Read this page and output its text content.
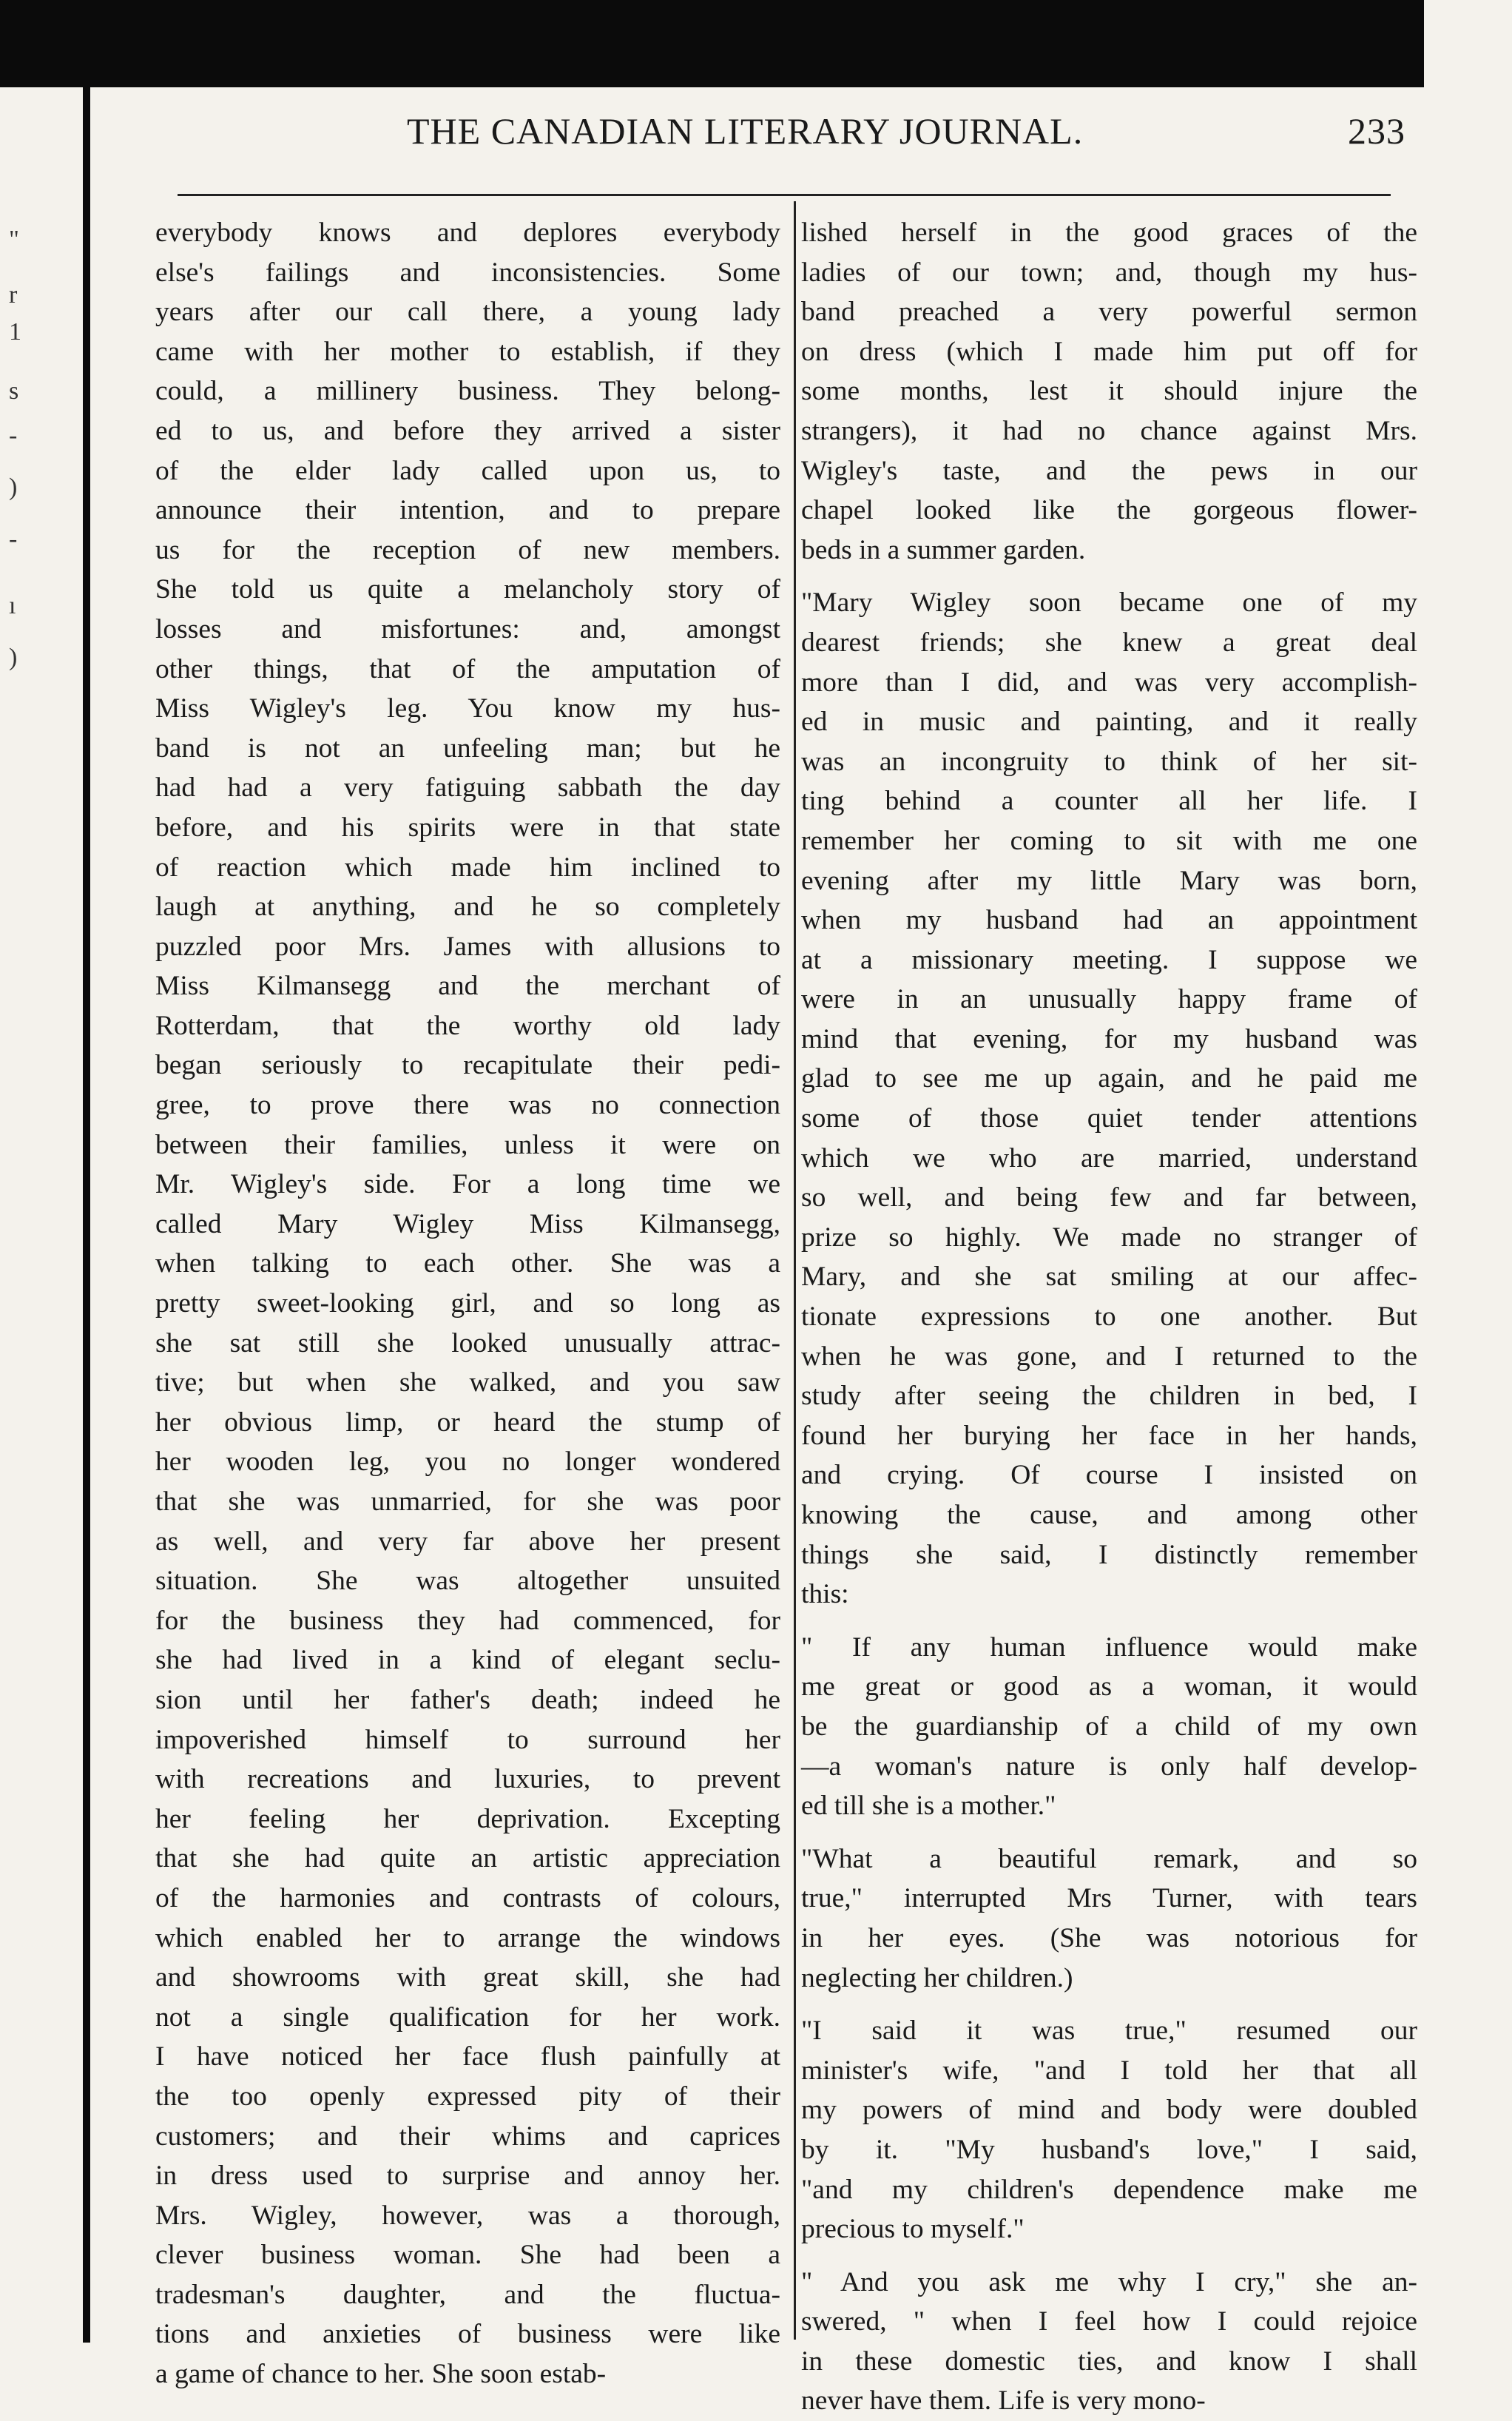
"
r
1
s
-
)
-
ı
)
THE CANADIAN LITERARY JOURNAL.	233
everybody knows and deplores everybody
else's failings and inconsistencies. Some
years after our call there, a young lady
came with her mother to establish, if they
could, a millinery business. They belong-
ed to us, and before they arrived a sister
of the elder lady called upon us, to
announce their intention, and to prepare
us for the reception of new members.
She told us quite a melancholy story of
losses and misfortunes: and, amongst
other things, that of the amputation of
Miss Wigley's leg. You know my hus-
band is not an unfeeling man; but he
had had a very fatiguing sabbath the day
before, and his spirits were in that state
of reaction which made him inclined to
laugh at anything, and he so completely
puzzled poor Mrs. James with allusions to
Miss Kilmansegg and the merchant of
Rotterdam, that the worthy old lady
began seriously to recapitulate their pedi-
gree, to prove there was no connection
between their families, unless it were on
Mr. Wigley's side. For a long time we
called Mary Wigley Miss Kilmansegg,
when talking to each other. She was a
pretty sweet-looking girl, and so long as
she sat still she looked unusually attrac-
tive; but when she walked, and you saw
her obvious limp, or heard the stump of
her wooden leg, you no longer wondered
that she was unmarried, for she was poor
as well, and very far above her present
situation. She was altogether unsuited
for the business they had commenced, for
she had lived in a kind of elegant seclu-
sion until her father's death; indeed he
impoverished himself to surround her
with recreations and luxuries, to prevent
her feeling her deprivation. Excepting
that she had quite an artistic appreciation
of the harmonies and contrasts of colours,
which enabled her to arrange the windows
and showrooms with great skill, she had
not a single qualification for her work.
I have noticed her face flush painfully at
the too openly expressed pity of their
customers; and their whims and caprices
in dress used to surprise and annoy her.
Mrs. Wigley, however, was a thorough,
clever business woman. She had been a
tradesman's daughter, and the fluctua-
tions and anxieties of business were like
a game of chance to her. She soon estab-
lished herself in the good graces of the
ladies of our town; and, though my hus-
band preached a very powerful sermon
on dress (which I made him put off for
some months, lest it should injure the
strangers), it had no chance against Mrs.
Wigley's taste, and the pews in our
chapel looked like the gorgeous flower-
beds in a summer garden.
"Mary Wigley soon became one of my
dearest friends; she knew a great deal
more than I did, and was very accomplish-
ed in music and painting, and it really
was an incongruity to think of her sit-
ting behind a counter all her life. I
remember her coming to sit with me one
evening after my little Mary was born,
when my husband had an appointment
at a missionary meeting. I suppose we
were in an unusually happy frame of
mind that evening, for my husband was
glad to see me up again, and he paid me
some of those quiet tender attentions
which we who are married, understand
so well, and being few and far between,
prize so highly. We made no stranger of
Mary, and she sat smiling at our affec-
tionate expressions to one another. But
when he was gone, and I returned to the
study after seeing the children in bed, I
found her burying her face in her hands,
and crying. Of course I insisted on
knowing the cause, and among other
things she said, I distinctly remember
this:
" If any human influence would make
me great or good as a woman, it would
be the guardianship of a child of my own
—a woman's nature is only half develop-
ed till she is a mother."
"What a beautiful remark, and so
true," interrupted Mrs Turner, with tears
in her eyes. (She was notorious for
neglecting her children.)
"I said it was true," resumed our
minister's wife, "and I told her that all
my powers of mind and body were doubled
by it. "My husband's love," I said,
"and my children's dependence make me
precious to myself."
" And you ask me why I cry," she an-
swered, " when I feel how I could rejoice
in these domestic ties, and know I shall
never have them. Life is very mono-
